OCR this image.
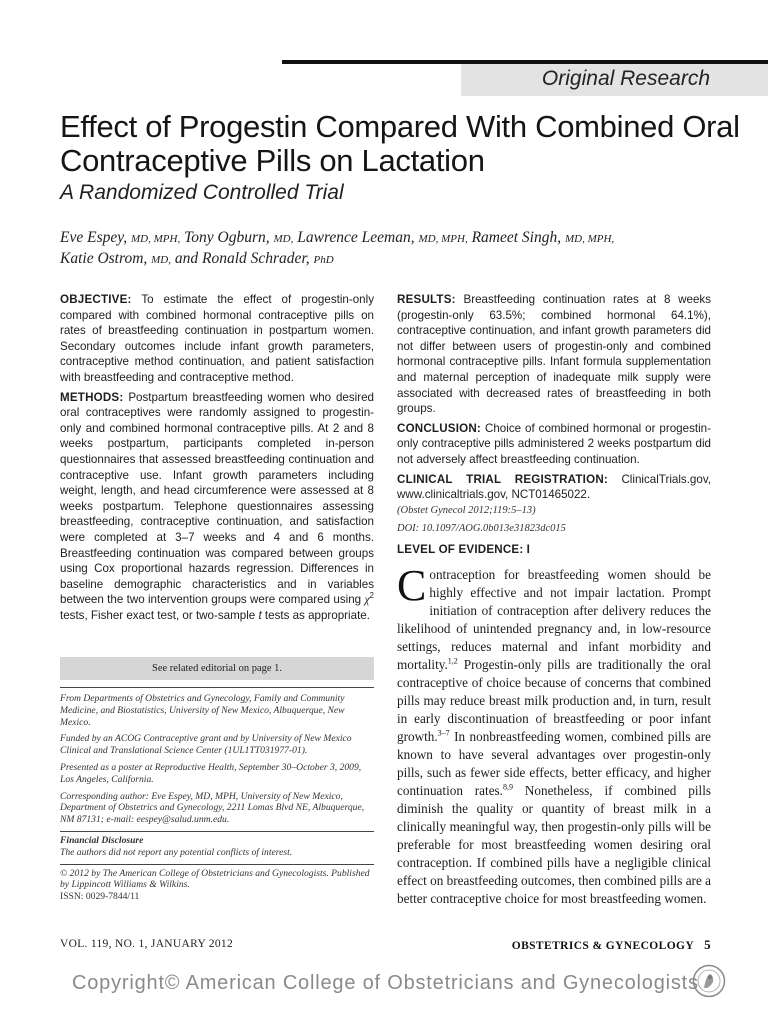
Original Research
Effect of Progestin Compared With Combined Oral Contraceptive Pills on Lactation
A Randomized Controlled Trial
Eve Espey, MD, MPH, Tony Ogburn, MD, Lawrence Leeman, MD, MPH, Rameet Singh, MD, MPH,
Katie Ostrom, MD, and Ronald Schrader, PhD

OBJECTIVE: To estimate the effect of progestin-only compared with combined hormonal contraceptive pills on rates of breastfeeding continuation in postpartum women. Secondary outcomes include infant growth parameters, contraceptive method continuation, and patient satisfaction with breastfeeding and contraceptive method.

METHODS: Postpartum breastfeeding women who desired oral contraceptives were randomly assigned to progestin-only and combined hormonal contraceptive pills. At 2 and 8 weeks postpartum, participants completed in-person questionnaires that assessed breastfeeding continuation and contraceptive use. Infant growth parameters including weight, length, and head circumference were assessed at 8 weeks postpartum. Telephone questionnaires assessing breastfeeding, contraceptive continuation, and satisfaction were completed at 3–7 weeks and 4 and 6 months. Breastfeeding continuation was compared between groups using Cox proportional hazards regression. Differences in baseline demographic characteristics and in variables between the two intervention groups were compared using $\chi^2$ tests, Fisher exact test, or two-sample t tests as appropriate.

RESULTS: Breastfeeding continuation rates at 8 weeks (progestin-only 63.5%; combined hormonal 64.1%), contraceptive continuation, and infant growth parameters did not differ between users of progestin-only and combined hormonal contraceptive pills. Infant formula supplementation and maternal perception of inadequate milk supply were associated with decreased rates of breastfeeding in both groups.

CONCLUSION: Choice of combined hormonal or progestin-only contraceptive pills administered 2 weeks postpartum did not adversely affect breastfeeding continuation.

CLINICAL TRIAL REGISTRATION: ClinicalTrials.gov, www.clinicaltrials.gov, NCT01465022.

(Obstet Gynecol 2012;119:5–13)

DOI: 10.1097/AOG.0b013e31823dc015

LEVEL OF EVIDENCE: I

See related editorial on page 1.

From Departments of Obstetrics and Gynecology, Family and Community Medicine, and Biostatistics, University of New Mexico, Albuquerque, New Mexico.

Funded by an ACOG Contraceptive grant and by University of New Mexico Clinical and Translational Science Center (1UL1TT031977-01).

Presented as a poster at Reproductive Health, September 30–October 3, 2009, Los Angeles, California.

Corresponding author: Eve Espey, MD, MPH, University of New Mexico, Department of Obstetrics and Gynecology, 2211 Lomas Blvd NE, Albuquerque, NM 87131; e-mail: eespey@salud.unm.edu.

Financial Disclosure

The authors did not report any potential conflicts of interest.

© 2012 by The American College of Obstetricians and Gynecologists. Published by Lippincott Williams & Wilkins.

ISSN: 0029-7844/11

Contraception for breastfeeding women should be highly effective and not impair lactation. Prompt initiation of contraception after delivery reduces the likelihood of unintended pregnancy and, in low-resource settings, reduces maternal and infant morbidity and mortality.$^{1,2}$ Progestin-only pills are traditionally the oral contraceptive of choice because of concerns that combined pills may reduce breast milk production and, in turn, result in early discontinuation of breastfeeding or poor infant growth.$^{3-7}$ In nonbreastfeeding women, combined pills are known to have several advantages over progestin-only pills, such as fewer side effects, better efficacy, and higher continuation rates.$^{8,9}$ Nonetheless, if combined pills diminish the quality or quantity of breast milk in a clinically meaningful way, then progestin-only pills will be preferable for most breastfeeding women desiring oral contraception. If combined pills have a negligible clinical effect on breastfeeding outcomes, then combined pills are a better contraceptive choice for most breastfeeding women.

VOL. 119, NO. 1, JANUARY 2012	OBSTETRICS & GYNECOLOGY 5
Copyright© American College of Obstetricians and Gynecologists
